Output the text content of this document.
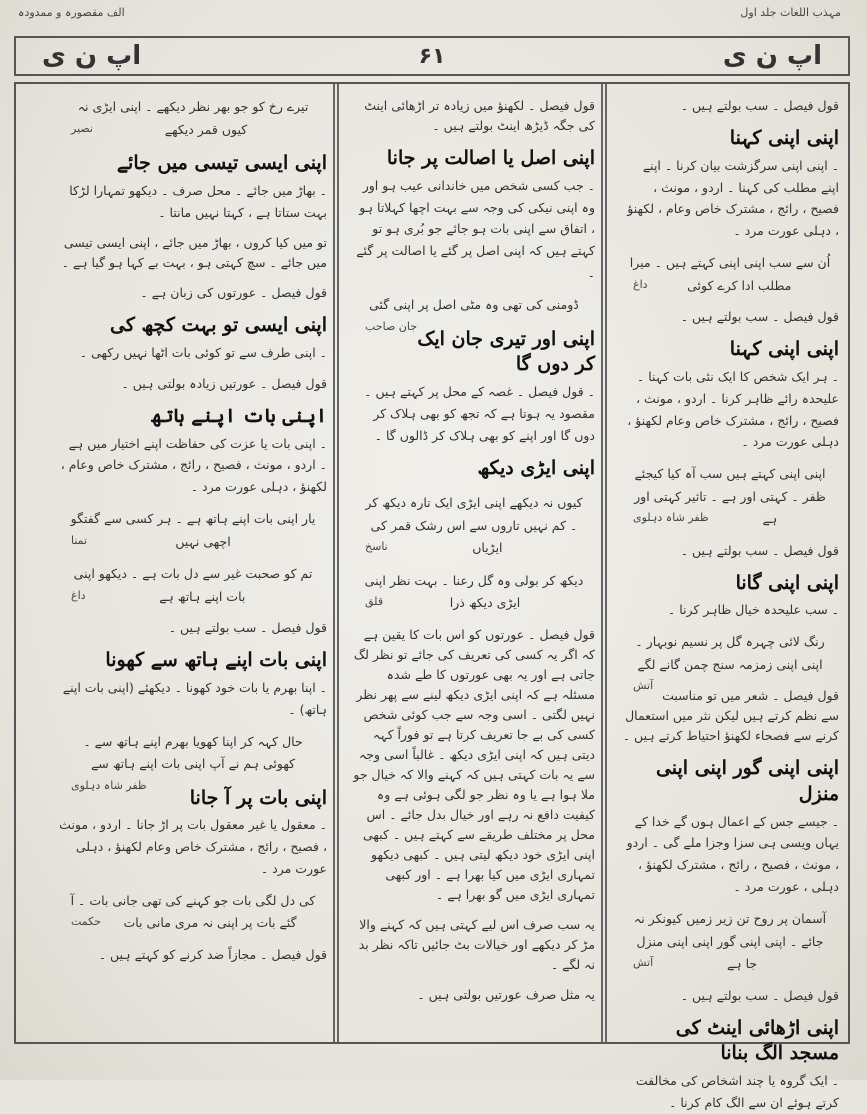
مہذب اللغات جلد اول
الف مقصورہ و ممدودہ
اپ ن ی	۶۱	اپ ن ی
قول فیصل ۔ سب بولتے ہیں ۔
اپنی اپنی کہنا
۔ اپنی اپنی سرگزشت بیان کرنا ۔ اپنے اپنے مطلب کی کہنا ۔ اردو ، مونث ، فصیح ، رائج ، مشترک خاص وعام ، لکھنؤ ، دہلی عورت مرد ۔
اُن سے سب اپنی اپنی کہتے ہیں ۔ میرا مطلب ادا کرے کوئی
داغ
قول فیصل ۔ سب بولتے ہیں ۔
اپنی اپنی کہنا
۔ ہر ایک شخص کا ایک نئی بات کہنا ۔ علیحدہ رائے ظاہر کرنا ۔ اردو ، مونث ، فصیح ، رائج ، مشترک خاص وعام لکھنؤ ، دہلی عورت مرد ۔
اپنی اپنی کہتے ہیں سب آہ کیا کیجئے ظفر ۔ کہتی اور ہے ۔ تاثیر کہتی اور ہے
ظفر شاہ دہلوی
قول فیصل ۔ سب بولتے ہیں ۔
اپنی اپنی گانا
۔ سب علیحدہ خیال ظاہر کرنا ۔
رنگ لائی چہرہ گل پر نسیم نوبہار ۔ اپنی اپنی زمزمہ سنج چمن گانے لگے
آتش
قول فیصل ۔ شعر میں تو مناسبت سے نظم کرتے ہیں لیکن نثر میں استعمال کرنے سے فصحاء لکھنؤ احتیاط کرتے ہیں ۔
اپنی اپنی گور اپنی اپنی منزل
۔ جیسے جس کے اعمال ہوں گے خدا کے یہاں ویسی ہی سزا وجزا ملے گی ۔ اردو ، مونث ، فصیح ، رائج ، مشترک لکھنؤ ، دہلی ، عورت مرد ۔
آسمان پر روح تن زیر زمیں کیونکر نہ جائے ۔ اپنی اپنی گور اپنی اپنی منزل جا ہے
آتش
قول فیصل ۔ سب بولتے ہیں ۔
اپنی اڑھائی اینٹ کی مسجد الگ بنانا
۔ ایک گروہ یا چند اشخاص کی مخالفت کرتے ہوئے ان سے الگ کام کرنا ۔
قول فیصل ۔ لکھنؤ میں زیادہ تر اڑھائی اینٹ کی جگہ ڈیڑھ اینٹ بولتے ہیں ۔
اپنی اصل یا اصالت پر جانا
۔ جب کسی شخص میں خاندانی عیب ہو اور وہ اپنی نیکی کی وجہ سے بہت اچھا کہلاتا ہو ، اتفاق سے اپنی بات ہو جائے جو بُری ہو تو کہتے ہیں کہ اپنی اصل پر گئے یا اصالت پر گئے ۔
ڈومنی کی تھی وہ مٹی اصل پر اپنی گئی
جان صاحب
اپنی اور تیری جان ایک کر دوں گا
۔ قول فیصل ۔ غصہ کے محل پر کہتے ہیں ۔ مقصود یہ ہوتا ہے کہ تجھ کو بھی ہلاک کر دوں گا اور اپنے کو بھی ہلاک کر ڈالوں گا ۔
اپنی ایڑی دیکھ
کیوں نہ دیکھے اپنی ایڑی ایک تارہ دیکھ کر ۔ کم نہیں تاروں سے اس رشک قمر کی ایڑیاں
ناسخ
دیکھ کر بولی وہ گل رعنا ۔ بہت نظر اپنی ایڑی دیکھ ذرا
قلق
قول فیصل ۔ عورتوں کو اس بات کا یقین ہے کہ اگر یہ کسی کی تعریف کی جائے تو نظر لگ جاتی ہے اور یہ بھی عورتوں کا طے شدہ مسئلہ ہے کہ اپنی ایڑی دیکھ لینے سے پھر نظر نہیں لگتی ۔ اسی وجہ سے جب کوئی شخص کسی کی بے جا تعریف کرتا ہے تو فوراً کہہ دیتی ہیں کہ اپنی ایڑی دیکھ ۔ غالباً اسی وجہ سے یہ بات کہتی ہیں کہ کہنے والا کہ خیال جو ملا ہوا ہے یا وہ نظر جو لگی ہوئی ہے وہ کیفیت دافع نہ رہے اور خیال بدل جائے ۔ اس محل پر مختلف طریقے سے کہتے ہیں ۔ کبھی اپنی ایڑی خود دیکھ لیتی ہیں ۔ کبھی دیکھو تمہاری ایڑی میں کیا بھرا ہے ۔ اور کبھی تمہاری ایڑی میں گو بھرا ہے ۔
یہ سب صرف اس لیے کہتی ہیں کہ کہنے والا مڑ کر دیکھے اور خیالات بٹ جائیں تاکہ نظر بد نہ لگے ۔
یہ مثل صرف عورتیں بولتی ہیں ۔
تیرے رخ کو جو بھر نظر دیکھے ۔ اپنی ایڑی نہ کیوں قمر دیکھے
نصیر
اپنی ایسی تیسی میں جائے
۔ بھاڑ میں جائے ۔ محل صرف ۔ دیکھو تمہارا لڑکا بہت ستاتا ہے ، کہتا نہیں مانتا ۔
تو میں کیا کروں ، بھاڑ میں جائے ، اپنی ایسی تیسی میں جائے ۔ سچ کہتی ہو ، بہت بے کہا ہو گیا ہے ۔
قول فیصل ۔ عورتوں کی زبان ہے ۔
اپنی ایسی تو بہت کچھ کی
۔ اپنی طرف سے تو کوئی بات اٹھا نہیں رکھی ۔
قول فیصل ۔ عورتیں زیادہ بولتی ہیں ۔
اپنی بات اپنے ہاتھ
۔ اپنی بات یا عزت کی حفاظت اپنے اختیار میں ہے ۔ اردو ، مونث ، فصیح ، رائج ، مشترک خاص وعام ، لکھنؤ ، دہلی عورت مرد ۔
یار اپنی بات اپنے ہاتھ ہے ۔ ہر کسی سے گفتگو اچھی نہیں
تمنا
تم کو صحبت غیر سے دل بات ہے ۔ دیکھو اپنی بات اپنے ہاتھ ہے
داغ
قول فیصل ۔ سب بولتے ہیں ۔
اپنی بات اپنے ہاتھ سے کھونا
۔ اپنا بھرم یا بات خود کھونا ۔ دیکھئے (اپنی بات اپنے ہاتھ) ۔
حال کہہ کر اپنا کھویا بھرم اپنے ہاتھ سے ۔ کھوئی ہم نے آپ اپنی بات اپنے ہاتھ سے
ظفر شاہ دہلوی
اپنی بات پر آ جانا
۔ معقول یا غیر معقول بات پر اڑ جانا ۔ اردو ، مونث ، فصیح ، رائج ، مشترک خاص وعام لکھنؤ ، دہلی عورت مرد ۔
کی دل لگی بات جو کہنے کی تھی جانی بات ۔ آ گئے بات پر اپنی نہ مری مانی بات
حکمت
قول فیصل ۔ مجازاً ضد کرنے کو کہتے ہیں ۔
